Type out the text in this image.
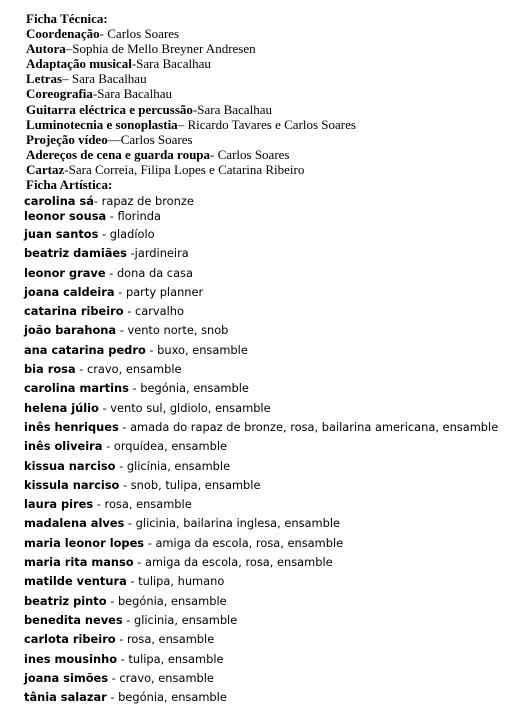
Ficha Técnica:
Coordenação- Carlos Soares
Autora–Sophia de Mello Breyner Andresen
Adaptação musical-Sara Bacalhau
Letras– Sara Bacalhau
Coreografia-Sara Bacalhau
Guitarra eléctrica e percussão-Sara Bacalhau
Luminotecnia e sonoplastia– Ricardo Tavares e Carlos Soares
Projeção vídeo—Carlos Soares
Adereços de cena e guarda roupa- Carlos Soares
Cartaz-Sara Correia, Filipa Lopes e Catarina Ribeiro
Ficha Artística:
carolina sá- rapaz de bronze
leonor sousa - florinda
juan santos - gladíolo
beatriz damiães -jardineira
leonor grave - dona da casa
joana caldeira - party planner
catarina ribeiro - carvalho
joão barahona - vento norte, snob
ana catarina pedro - buxo, ensamble
bia rosa - cravo, ensamble
carolina martins - begónia, ensamble
helena júlio - vento sul, gldiolo, ensamble
inês henriques - amada do rapaz de bronze, rosa, bailarina americana, ensamble
inês oliveira - orquídea, ensamble
kissua narciso - glicínia, ensamble
kissula narciso - snob, tulipa, ensamble
laura pires - rosa, ensamble
madalena alves - glicinia, bailarina inglesa, ensamble
maria leonor lopes - amiga da escola, rosa, ensamble
maria rita manso - amiga da escola, rosa, ensamble
matilde ventura - tulipa, humano
beatriz pinto - begónia, ensamble
benedita neves - glicinia, ensamble
carlota ribeiro - rosa, ensamble
ines mousinho - tulipa, ensamble
joana simões - cravo, ensamble
tânia salazar - begónia, ensamble
